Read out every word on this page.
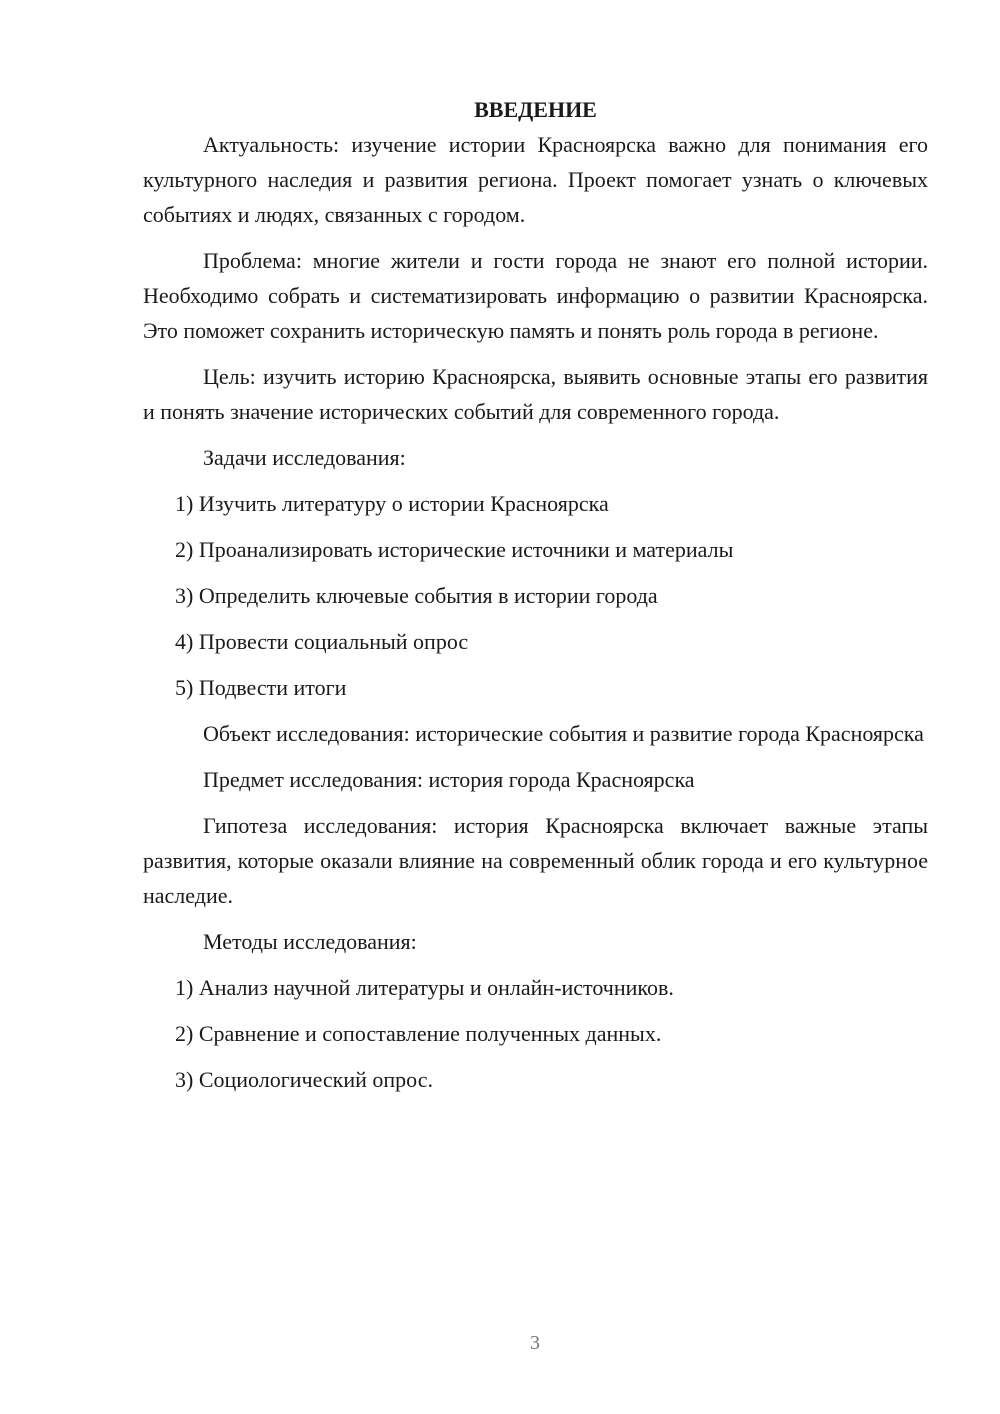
ВВЕДЕНИЕ

Актуальность: изучение истории Красноярска важно для понимания его культурного наследия и развития региона. Проект помогает узнать о ключевых событиях и людях, связанных с городом.

Проблема: многие жители и гости города не знают его полной истории. Необходимо собрать и систематизировать информацию о развитии Красноярска. Это поможет сохранить историческую память и понять роль города в регионе.

Цель: изучить историю Красноярска, выявить основные этапы его развития и понять значение исторических событий для современного города.

Задачи исследования:

1) Изучить литературу о истории Красноярска

2) Проанализировать исторические источники и материалы

3) Определить ключевые события в истории города

4) Провести социальный опрос

5) Подвести итоги

Объект исследования: исторические события и развитие города Красноярска

Предмет исследования: история города Красноярска

Гипотеза исследования: история Красноярска включает важные этапы развития, которые оказали влияние на современный облик города и его культурное наследие.

Методы исследования:

1) Анализ научной литературы и онлайн-источников.

2) Сравнение и сопоставление полученных данных.

3) Социологический опрос.

3
